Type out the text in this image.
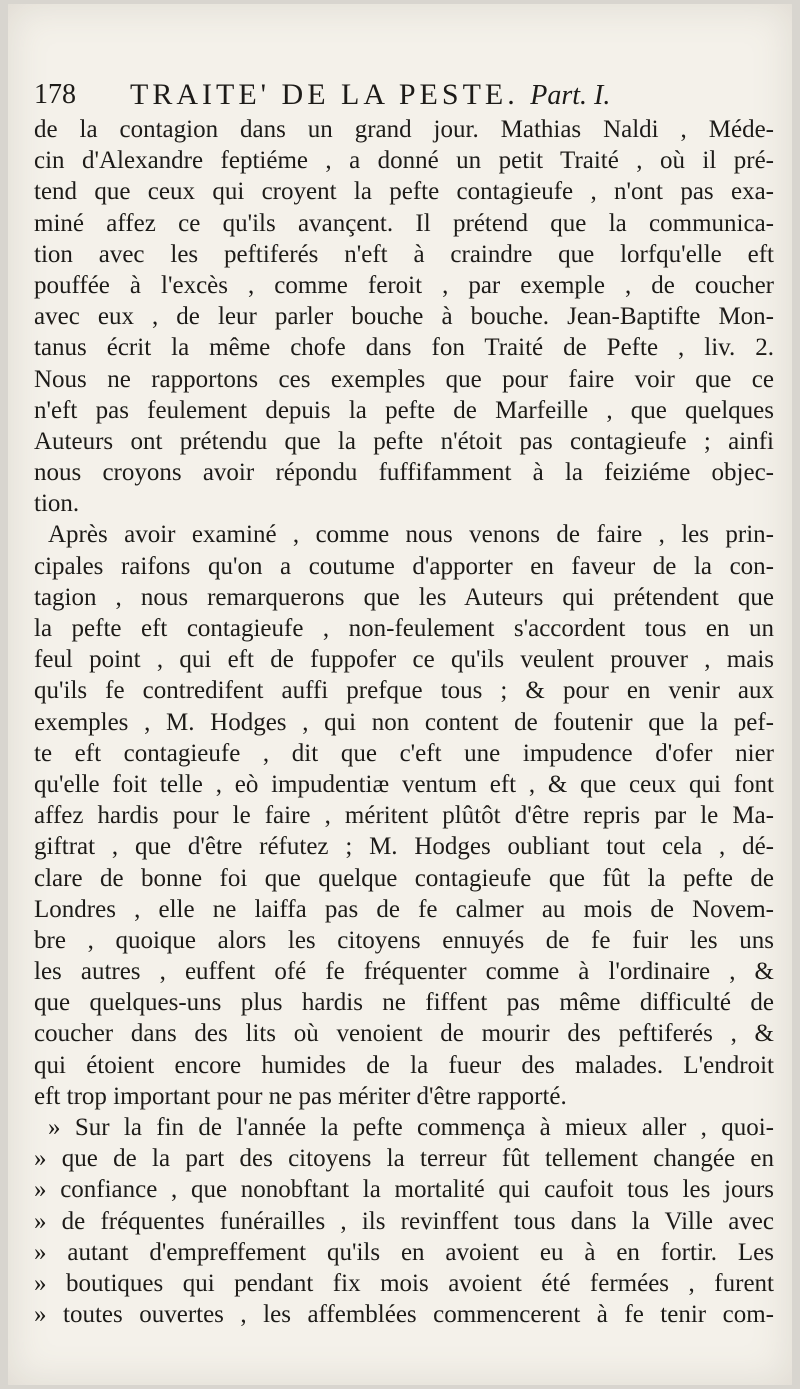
178 TRAITE' DE LA PESTE. Part. I.
de la contagion dans un grand jour. Mathias Naldi , Méde-
cin d'Alexandre feptiéme , a donné un petit Traité , où il pré-
tend que ceux qui croyent la pefte contagieufe , n'ont pas exa-
miné affez ce qu'ils avançent. Il prétend que la communica-
tion avec les peftiferés n'eft à craindre que lorfqu'elle eft
pouffée à l'excès , comme feroit , par exemple , de coucher
avec eux , de leur parler bouche à bouche. Jean-Baptifte Mon-
tanus écrit la même chofe dans fon Traité de Pefte , liv. 2.
Nous ne rapportons ces exemples que pour faire voir que ce
n'eft pas feulement depuis la pefte de Marfeille , que quelques
Auteurs ont prétendu que la pefte n'étoit pas contagieufe ; ainfi
nous croyons avoir répondu fuffifamment à la feiziéme objec-
tion.
Après avoir examiné , comme nous venons de faire , les prin-
cipales raifons qu'on a coutume d'apporter en faveur de la con-
tagion , nous remarquerons que les Auteurs qui prétendent que
la pefte eft contagieufe , non-feulement s'accordent tous en un
feul point , qui eft de fuppofer ce qu'ils veulent prouver , mais
qu'ils fe contredifent auffi prefque tous ; & pour en venir aux
exemples , M. Hodges , qui non content de foutenir que la pef-
te eft contagieufe , dit que c'eft une impudence d'ofer nier
qu'elle foit telle , eò impudentiæ ventum eft , & que ceux qui font
affez hardis pour le faire , méritent plûtôt d'être repris par le Ma-
giftrat , que d'être réfutez ; M. Hodges oubliant tout cela , dé-
clare de bonne foi que quelque contagieufe que fût la pefte de
Londres , elle ne laiffa pas de fe calmer au mois de Novem-
bre , quoique alors les citoyens ennuyés de fe fuir les uns
les autres , euffent ofé fe fréquenter comme à l'ordinaire , &
que quelques-uns plus hardis ne fiffent pas même difficulté de
coucher dans des lits où venoient de mourir des peftiferés , &
qui étoient encore humides de la fueur des malades. L'endroit
eft trop important pour ne pas mériter d'être rapporté.
» Sur la fin de l'année la pefte commença à mieux aller , quoi-
» que de la part des citoyens la terreur fût tellement changée en
» confiance , que nonobftant la mortalité qui caufoit tous les jours
» de fréquentes funérailles , ils revinffent tous dans la Ville avec
» autant d'empreffement qu'ils en avoient eu à en fortir. Les
» boutiques qui pendant fix mois avoient été fermées , furent
» toutes ouvertes , les affemblées commencerent à fe tenir com-
